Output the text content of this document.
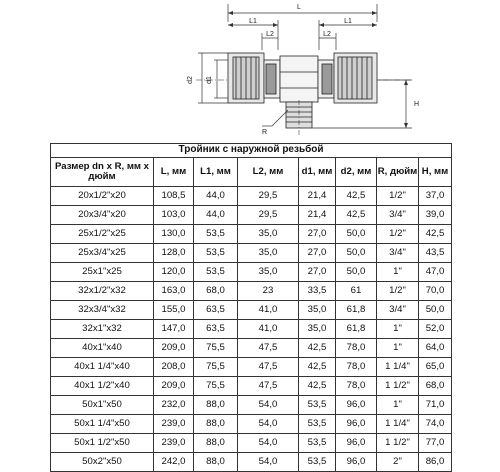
L
L1	L1
L2	L2
d2 d1
R
H
Тройник с наружной резьбой							
Размер dn x R, мм х дюйм	L, мм	L1, мм	L2, мм	d1, мм	d2, мм	R, дюйм	H, мм
20x1/2"x20	108,5	44,0	29,5	21,4	42,5	1/2"	37,0
20x3/4"x20	103,0	44,0	29,5	21,4	42,5	3/4"	39,0
25x1/2"x25	130,0	53,5	35,0	27,0	50,0	1/2"	42,5
25x3/4"x25	128,0	53,5	35,0	27,0	50,0	3/4"	43,5
25x1"x25	120,0	53,5	35,0	27,0	50,0	1"	47,0
32x1/2"x32	163,0	68,0	23	33,5	61	1/2"	70,0
32x3/4"x32	155,0	63,5	41,0	35,0	61,8	3/4"	50,0
32x1"x32	147,0	63,5	41,0	35,0	61,8	1"	52,0
40x1"x40	209,0	75,5	47,5	42,5	78,0	1"	64,0
40x1 1/4"x40	208,0	75,5	47,5	42,5	78,0	1 1/4"	65,0
40x1 1/2"x40	209,0	75,5	47,5	42,5	78,0	1 1/2"	68,0
50x1"x50	232,0	88,0	54,0	53,5	96,0	1"	71,0
50x1 1/4"x50	239,0	88,0	54,0	53,5	96,0	1 1/4"	74,0
50x1 1/2"x50	239,0	88,0	54,0	53,5	96,0	1 1/2"	77,0
50x2"x50	242,0	88,0	54,0	53,5	96,0	2"	86,0
